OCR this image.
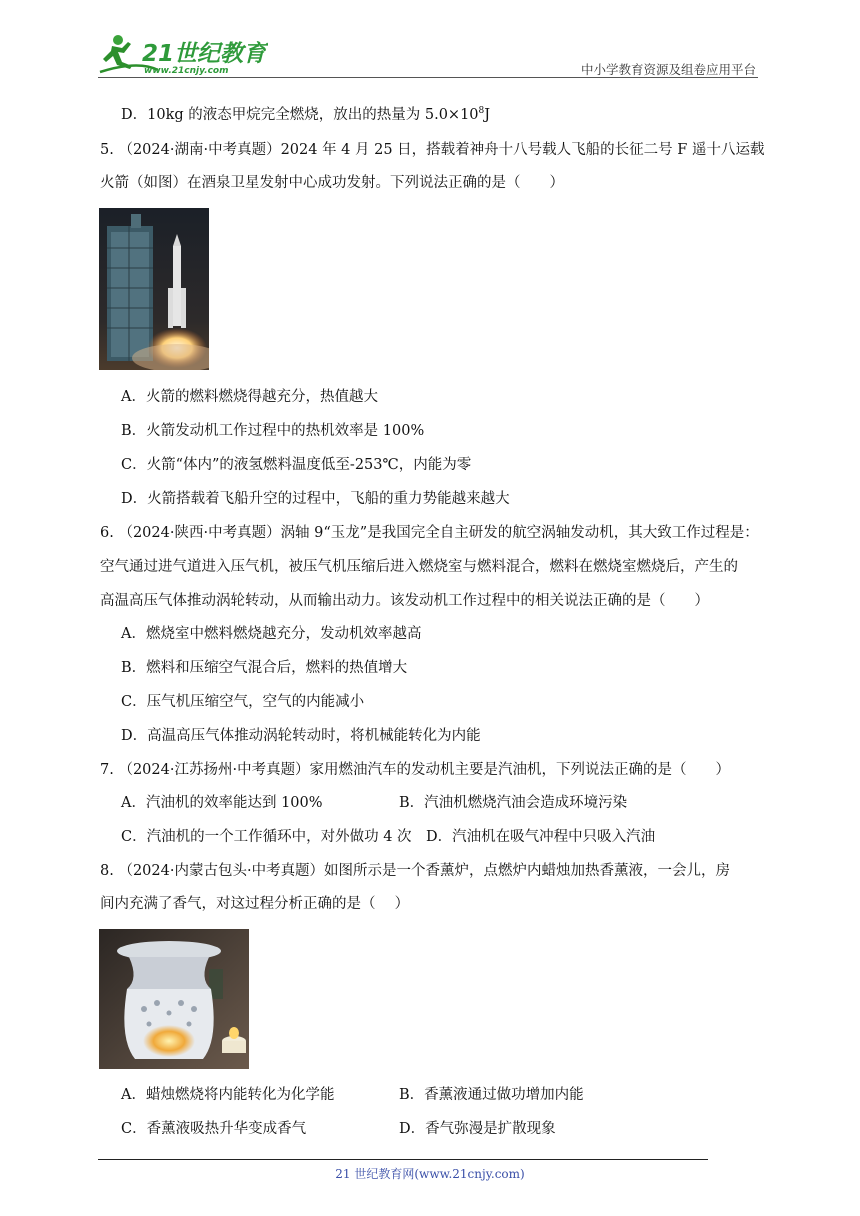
21世纪教育
www.21cnjy.com	中小学教育资源及组卷应用平台
D．10kg 的液态甲烷完全燃烧，放出的热量为 $5.0\times 10^8J$
5. （2024·湖南·中考真题）2024 年 4 月 25 日，搭载着神舟十八号载人飞船的长征二号 F 遥十八运载
火箭（如图）在酒泉卫星发射中心成功发射。下列说法正确的是（　　）
A．火箭的燃料燃烧得越充分，热值越大
B．火箭发动机工作过程中的热机效率是 100%
C．火箭“体内”的液氢燃料温度低至-253℃，内能为零
D．火箭搭载着飞船升空的过程中，飞船的重力势能越来越大
6. （2024·陕西·中考真题）涡轴 9“玉龙”是我国完全自主研发的航空涡轴发动机，其大致工作过程是：
空气通过进气道进入压气机，被压气机压缩后进入燃烧室与燃料混合，燃料在燃烧室燃烧后，产生的
高温高压气体推动涡轮转动，从而输出动力。该发动机工作过程中的相关说法正确的是（　　）
A．燃烧室中燃料燃烧越充分，发动机效率越高
B．燃料和压缩空气混合后，燃料的热值增大
C．压气机压缩空气，空气的内能减小
D．高温高压气体推动涡轮转动时，将机械能转化为内能
7. （2024·江苏扬州·中考真题）家用燃油汽车的发动机主要是汽油机，下列说法正确的是（　　）
A．汽油机的效率能达到 100%	B．汽油机燃烧汽油会造成环境污染
C．汽油机的一个工作循环中，对外做功 4 次　D．汽油机在吸气冲程中只吸入汽油
8. （2024·内蒙古包头·中考真题）如图所示是一个香薰炉，点燃炉内蜡烛加热香薰液，一会儿，房
间内充满了香气，对这过程分析正确的是（　 ）
A．蜡烛燃烧将内能转化为化学能	B．香薰液通过做功增加内能
C．香薰液吸热升华变成香气	D．香气弥漫是扩散现象
21 世纪教育网(www.21cnjy.com)
